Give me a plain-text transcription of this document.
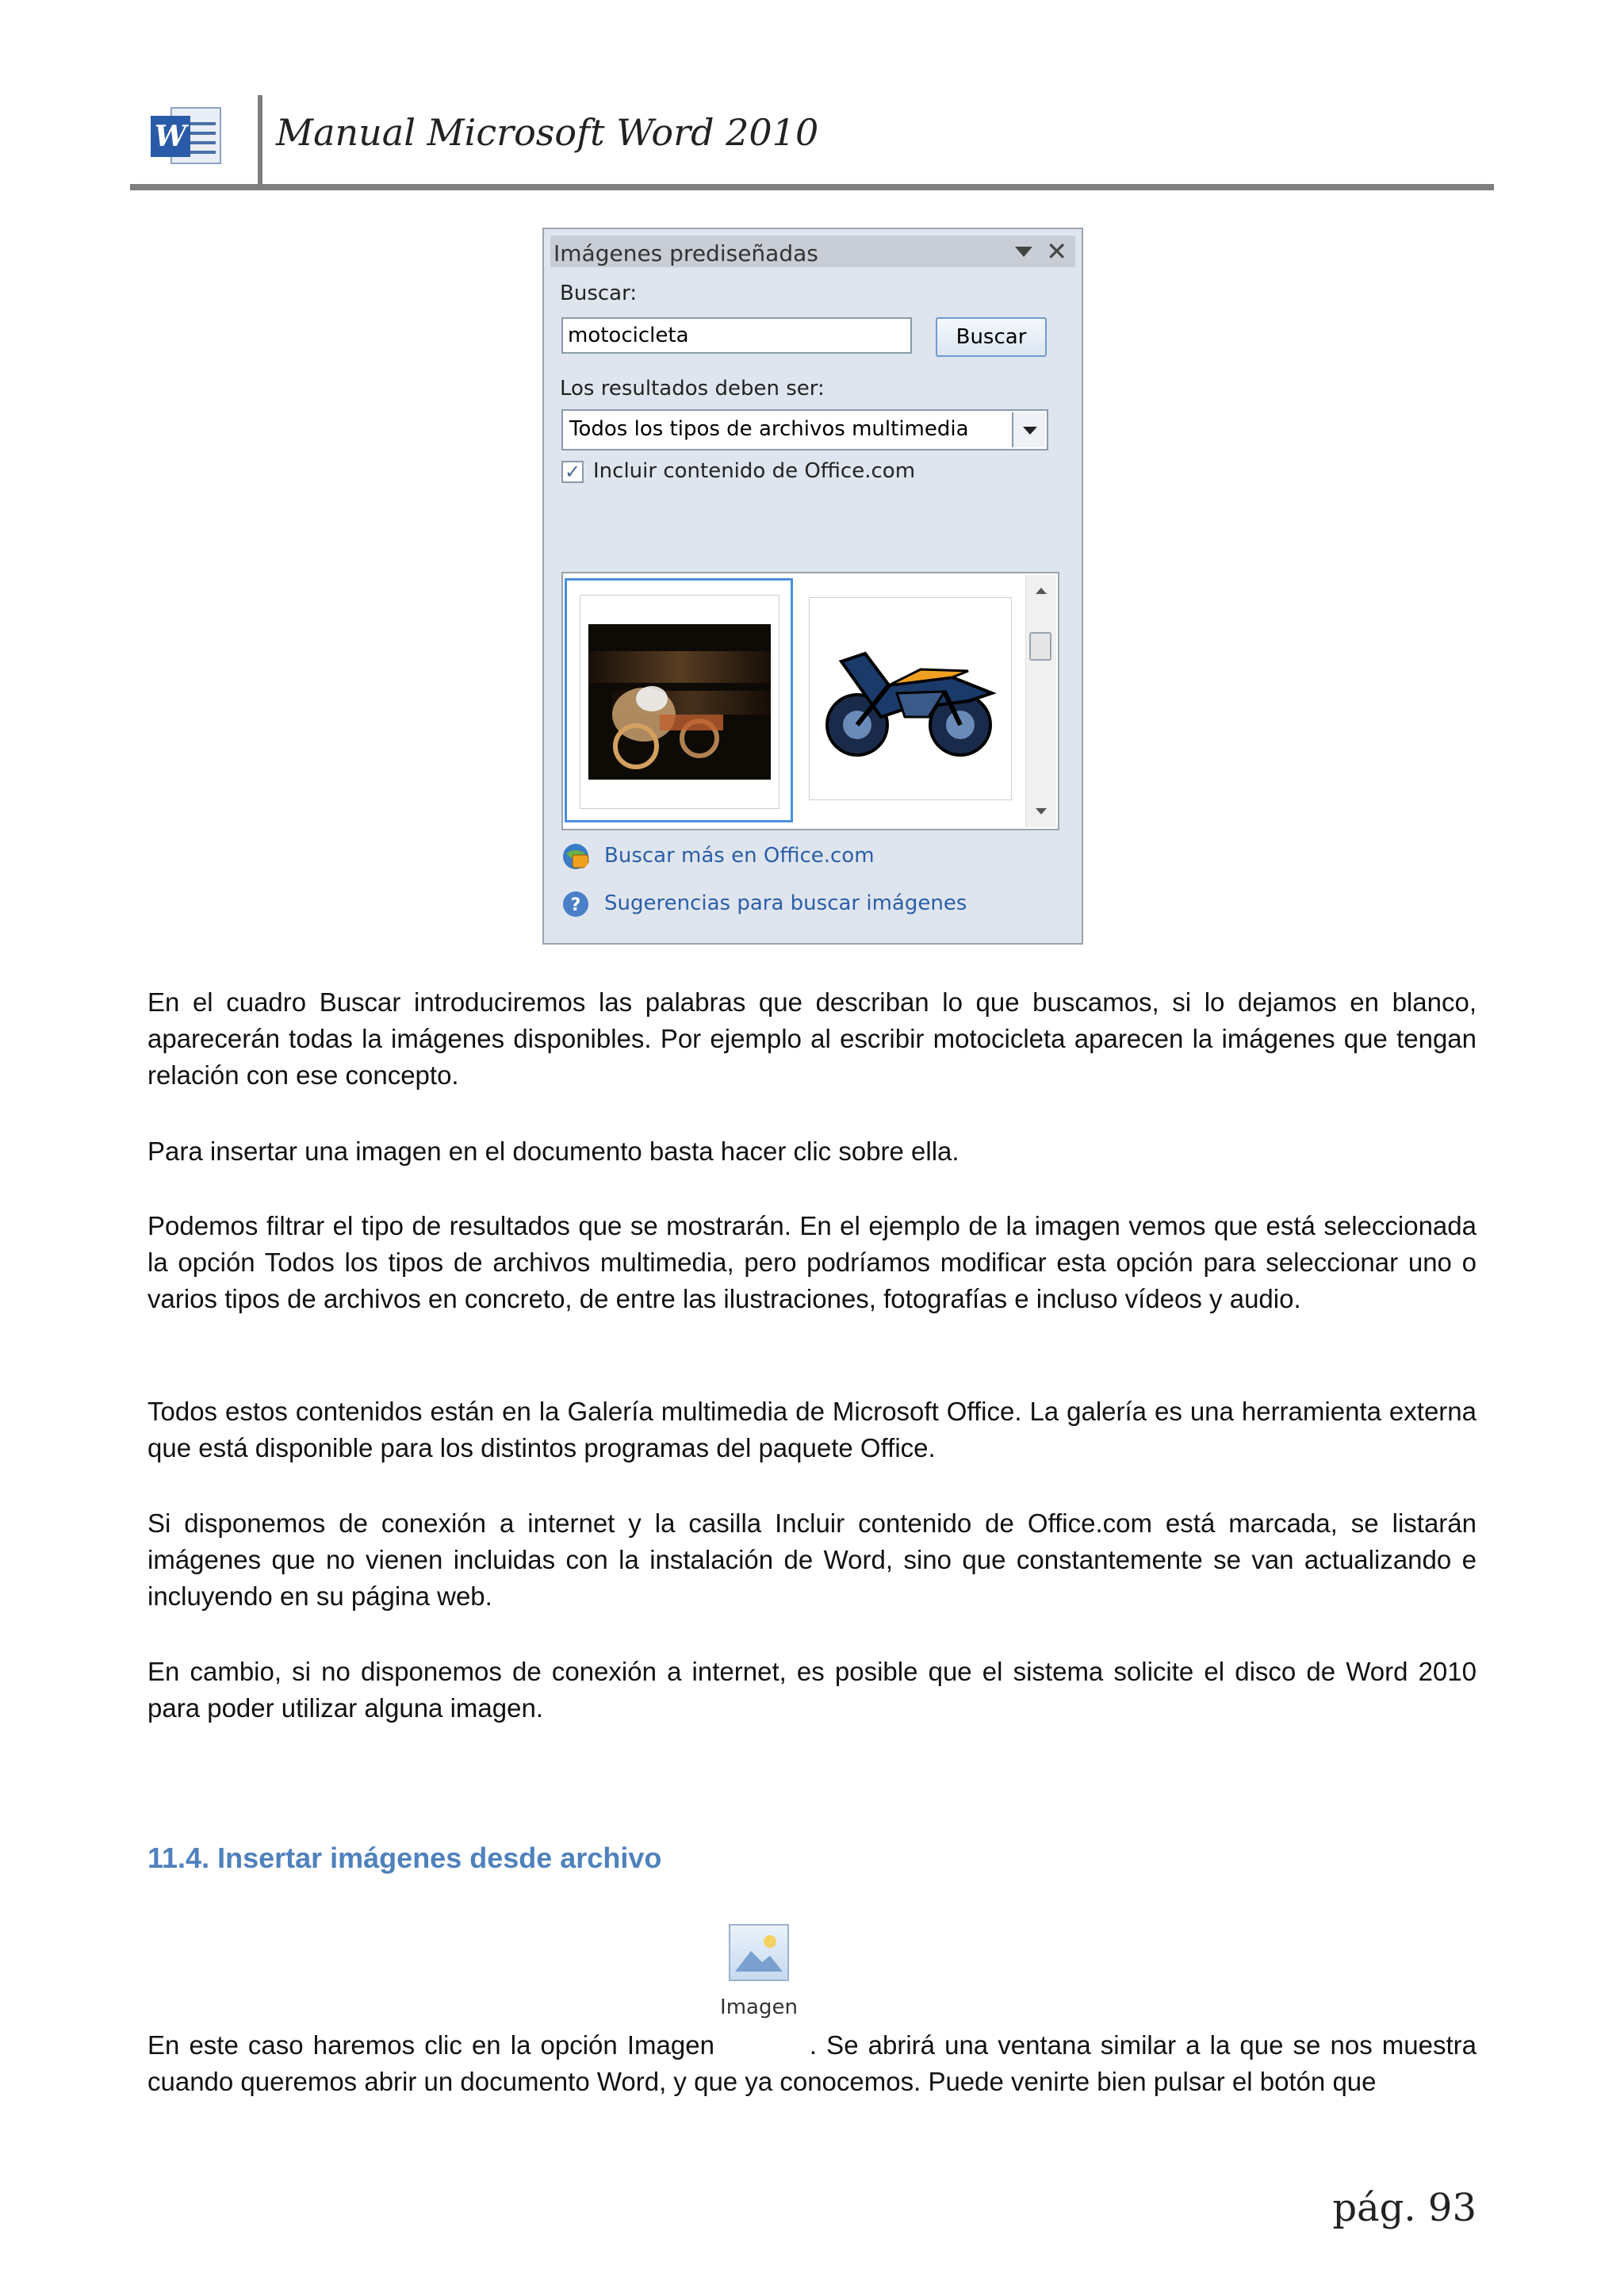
W Manual Microsoft Word 2010
Imágenes prediseñadas	✕
Buscar:
motocicleta
Buscar
Los resultados deben ser:
Todos los tipos de archivos multimedia
✓ Incluir contenido de Office.com
Buscar más en Office.com
? Sugerencias para buscar imágenes
En el cuadro Buscar introduciremos las palabras que describan lo que buscamos, si lo dejamos en blanco, aparecerán todas la imágenes disponibles. Por ejemplo al escribir motocicleta aparecen la imágenes que tengan relación con ese concepto.
Para insertar una imagen en el documento basta hacer clic sobre ella.
Podemos filtrar el tipo de resultados que se mostrarán. En el ejemplo de la imagen vemos que está seleccionada la opción Todos los tipos de archivos multimedia, pero podríamos modificar esta opción para seleccionar uno o varios tipos de archivos en concreto, de entre las ilustraciones, fotografías e incluso vídeos y audio.
Todos estos contenidos están en la Galería multimedia de Microsoft Office. La galería es una herramienta externa que está disponible para los distintos programas del paquete Office.
Si disponemos de conexión a internet y la casilla Incluir contenido de Office.com está marcada, se listarán imágenes que no vienen incluidas con la instalación de Word, sino que constantemente se van actualizando e incluyendo en su página web.
En cambio, si no disponemos de conexión a internet, es posible que el sistema solicite el disco de Word 2010 para poder utilizar alguna imagen.
11.4. Insertar imágenes desde archivo
Imagen
En este caso haremos clic en la opción Imagen	. Se abrirá una ventana similar a la que se nos muestra cuando queremos abrir un documento Word, y que ya conocemos. Puede venirte bien pulsar el botón que
pág. 93
